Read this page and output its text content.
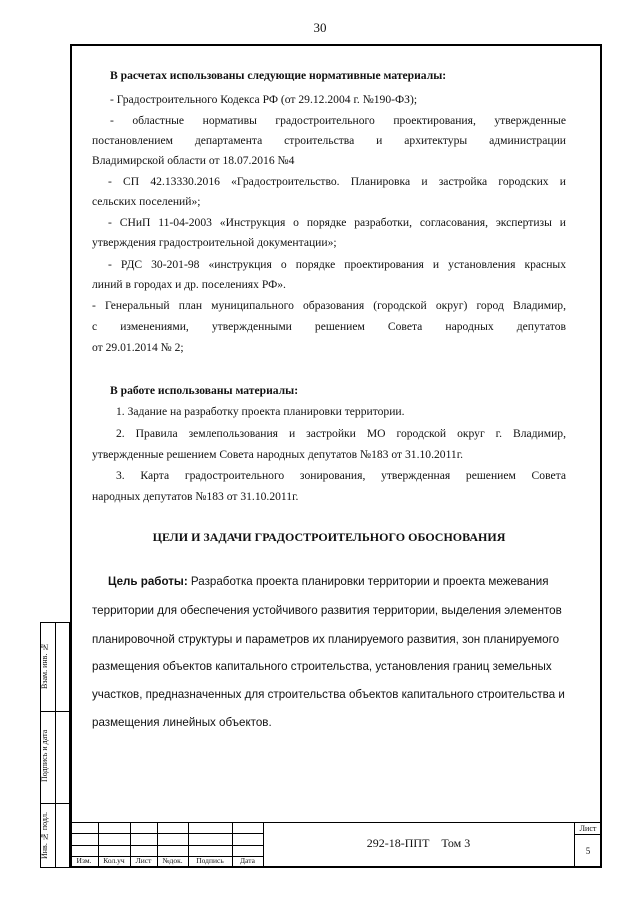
30
В расчетах использованы следующие нормативные материалы:
- Градостроительного Кодекса РФ (от 29.12.2004 г. №190-ФЗ);
- областные нормативы градостроительного проектирования, утвержденные
постановлением департамента строительства и архитектуры администрации
Владимирской области от 18.07.2016 №4
- СП 42.13330.2016 «Градостроительство. Планировка и застройка городских и
сельских поселений»;
- СНиП 11-04-2003 «Инструкция о порядке разработки, согласования, экспертизы и
утверждения градостроительной документации»;
- РДС 30-201-98 «инструкция о порядке проектирования и установления красных
линий в городах и др. поселениях РФ».
- Генеральный план муниципального образования (городской округ) город Владимир,
с изменениями, утвержденными решением Совета народных депутатов
от 29.01.2014 № 2;
В работе использованы материалы:
1. Задание на разработку проекта планировки территории.
2. Правила землепользования и застройки МО городской округ г. Владимир,
утвержденные решением Совета народных депутатов №183 от 31.10.2011г.
3. Карта градостроительного зонирования, утвержденная решением Совета
народных депутатов №183 от 31.10.2011г.
ЦЕЛИ И ЗАДАЧИ ГРАДОСТРОИТЕЛЬНОГО ОБОСНОВАНИЯ
Цель работы: Разработка проекта планировки территории и проекта межевания
территории для обеспечения устойчивого развития территории, выделения элементов
планировочной структуры и параметров их планируемого развития, зон планируемого
размещения объектов капитального строительства, установления границ земельных
участков, предназначенных для строительства объектов капитального строительства и
размещения линейных объектов.
Взам. инв. №
Подпись и дата
Инв. № подл.
Изм.	Кол.уч	Лист	№док.	Подпись	Дата
292-18-ППТ    Том 3
Лист
5
